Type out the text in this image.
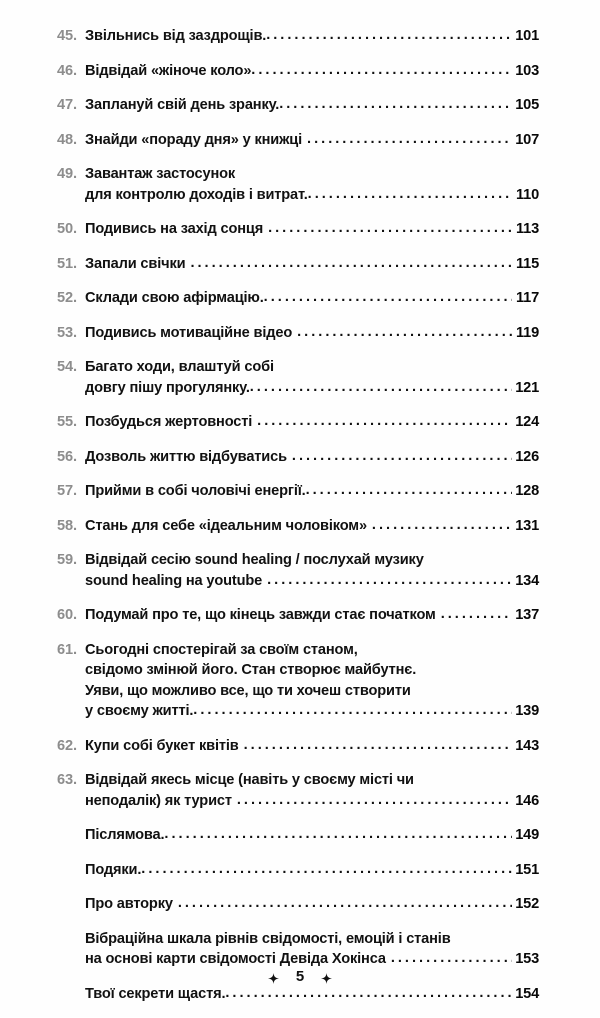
45. Звільнись від заздрощів. .....	101
46. Відвідай «жіноче коло» .....	103
47. Заплануй свій день зранку. .....	105
48. Знайди «пораду дня» у книжці .....	107
49. Завантаж застосунок
для контролю доходів і витрат. .....	110
50. Подивись на захід сонця .....	113
51. Запали свічки .....	115
52. Склади свою афірмацію. .....	117
53. Подивись мотиваційне відео .....	119
54. Багато ходи, влаштуй собі
довгу пішу прогулянку. .....	121
55. Позбудься жертовності .....	124
56. Дозволь життю відбуватись .....	126
57. Прийми в собі чоловічі енергії. .....	128
58. Стань для себе «ідеальним чоловіком» .....	131
59. Відвідай сесію sound healing / послухай музику
sound healing на youtube .....	134
60. Подумай про те, що кінець завжди стає початком .....	137
61. Сьогодні спостерігай за своїм станом,
свідомо змінюй його. Стан створює майбутнє.
Уяви, що можливо все, що ти хочеш створити
у своєму житті. .....	139
62. Купи собі букет квітів .....	143
63. Відвідай якесь місце (навіть у своєму місті чи
неподалік) як турист .....	146
Післямова. .....	149
Подяки. .....	151
Про авторку .....	152
Вібраційна шкала рівнів свідомості, емоцій і станів
на основі карти свідомості Девіда Хокінса .....	153
Твої секрети щастя. .....	154
5
